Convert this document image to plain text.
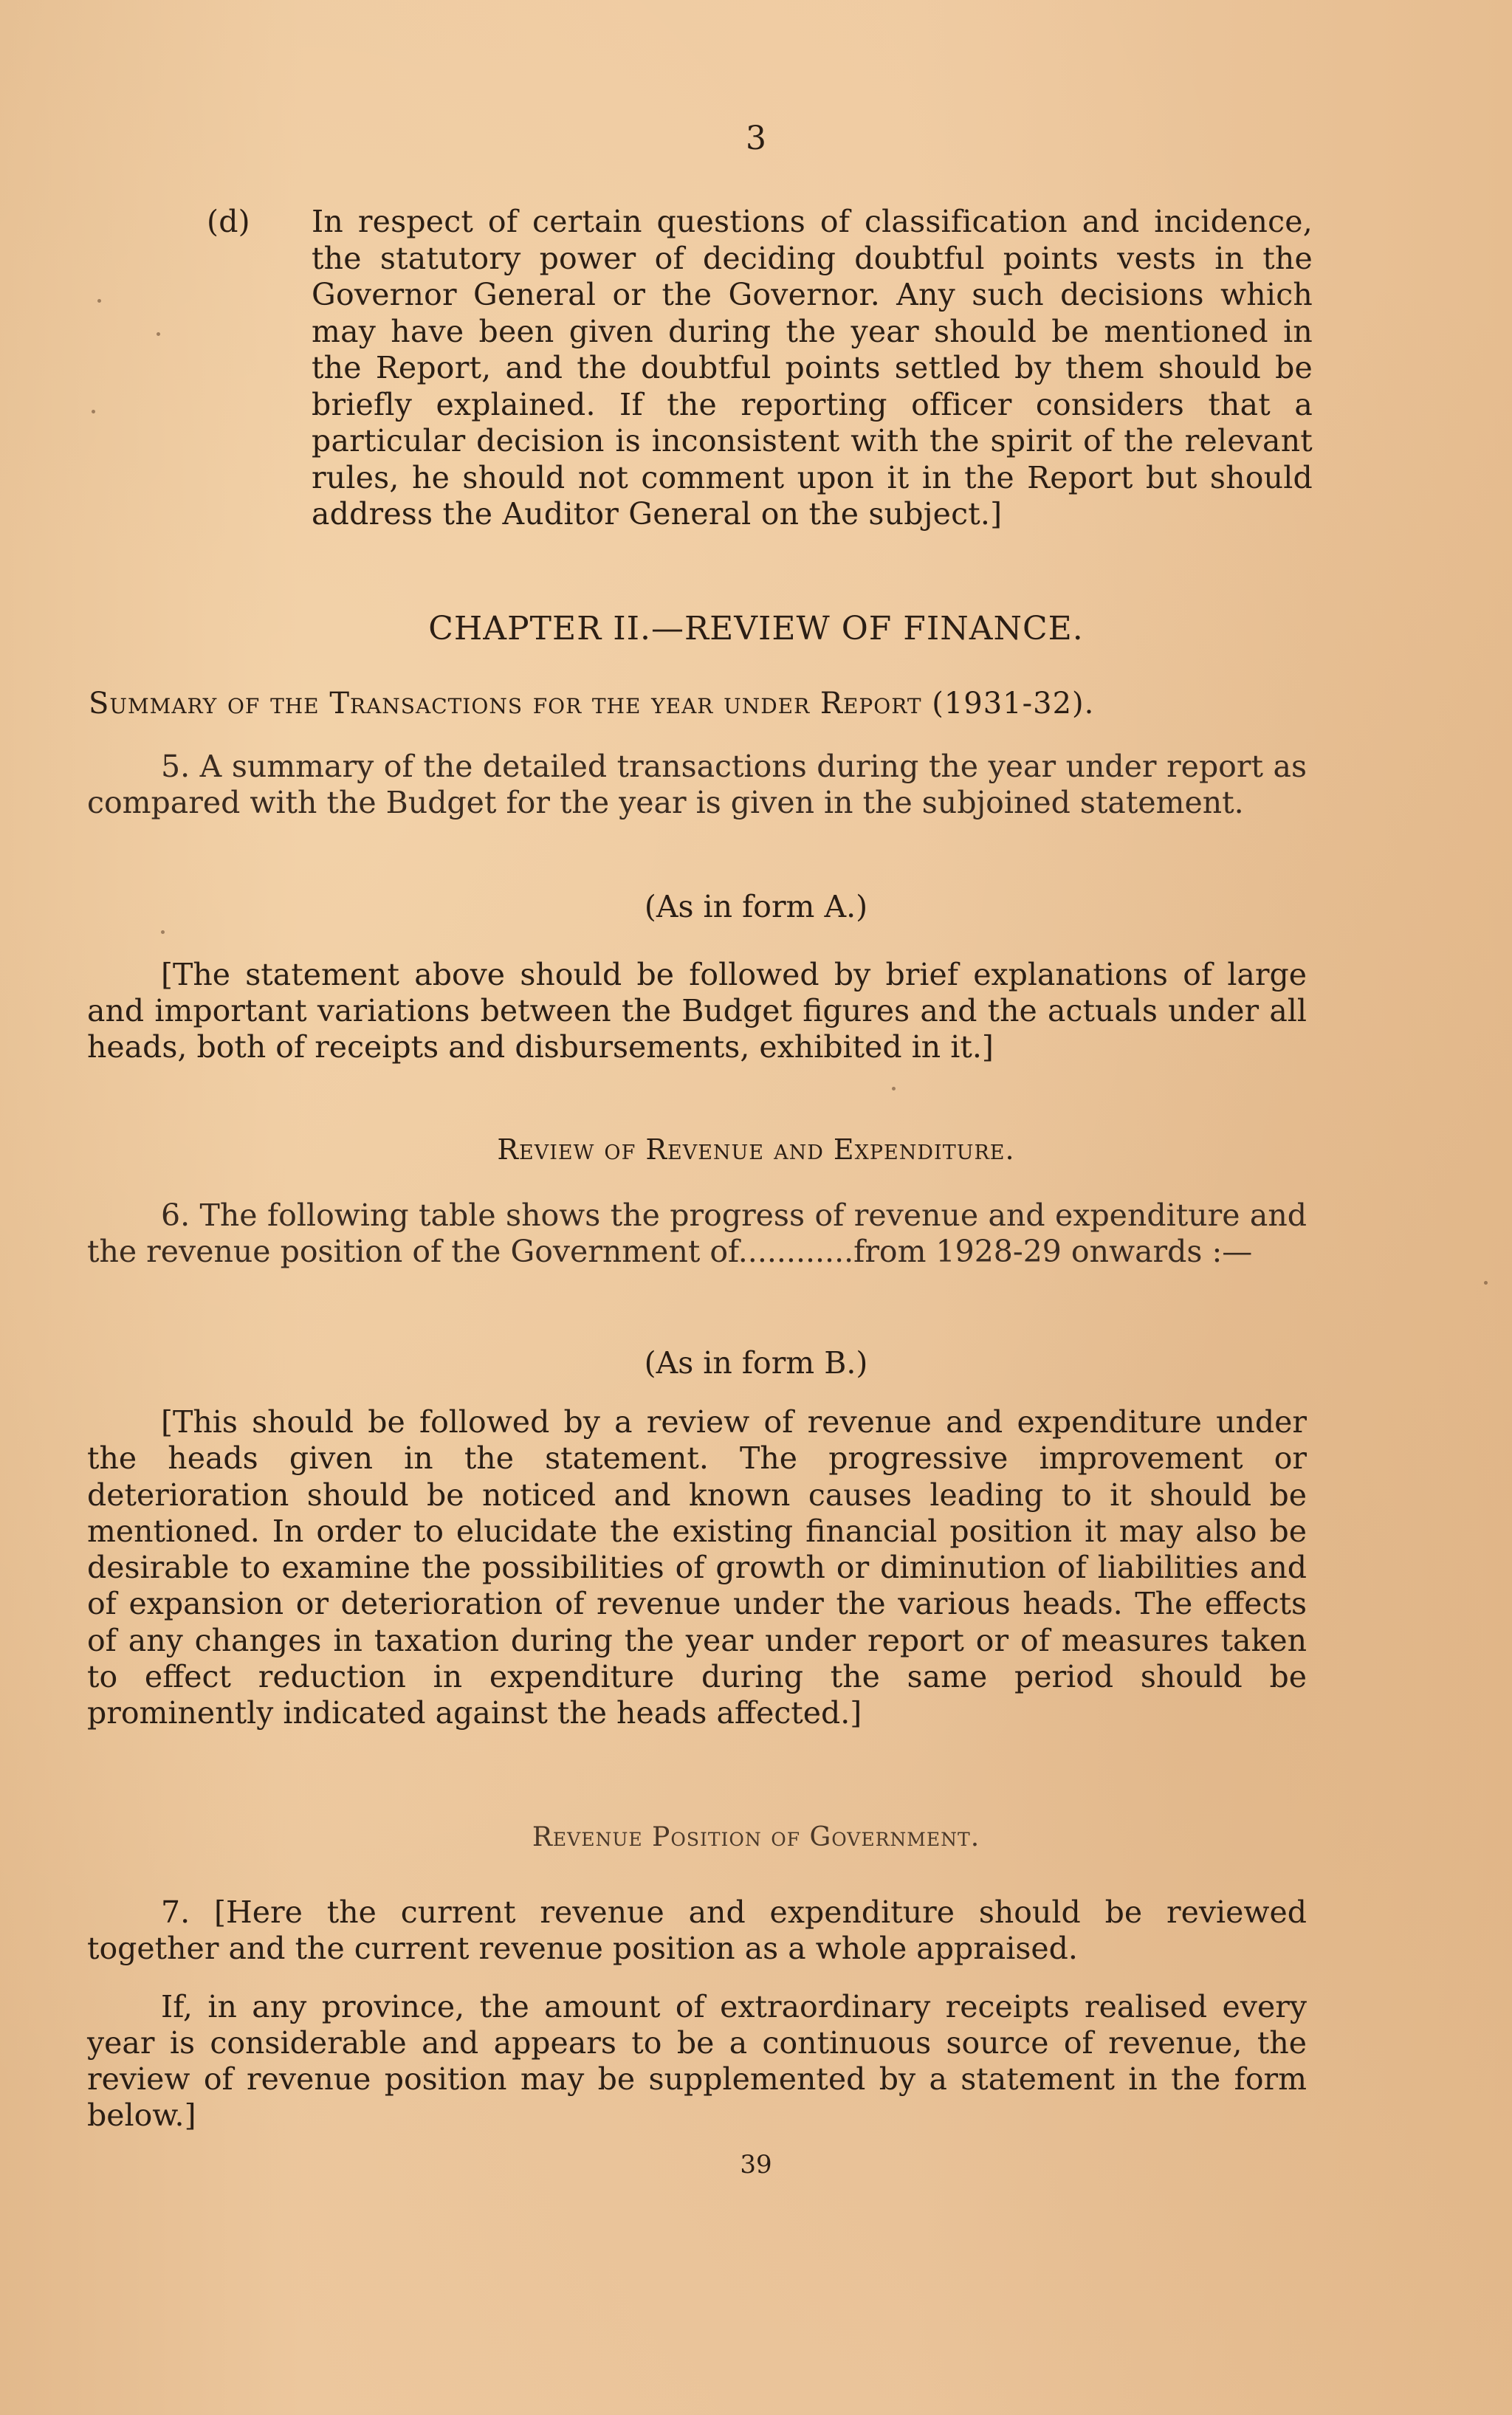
3
(d)	In respect of certain questions of classification and incidence, the statutory power of deciding doubtful points vests in the Governor General or the Governor. Any such decisions which may have been given during the year should be mentioned in the Report, and the doubtful points settled by them should be briefly explained. If the reporting officer considers that a particular decision is inconsistent with the spirit of the relevant rules, he should not comment upon it in the Report but should address the Auditor General on the subject.]
CHAPTER II.—REVIEW OF FINANCE.
Summary of the Transactions for the year under Report (1931-32).
5. A summary of the detailed transactions during the year under report as compared with the Budget for the year is given in the subjoined statement.
(As in form A.)
[The statement above should be followed by brief explanations of large and important variations between the Budget figures and the actuals under all heads, both of receipts and disbursements, exhibited in it.]
Review of Revenue and Expenditure.
6. The following table shows the progress of revenue and expenditure and the revenue position of the Government of............from 1928-29 onwards :—
(As in form B.)
[This should be followed by a review of revenue and expenditure under the heads given in the statement. The progressive improvement or deterioration should be noticed and known causes leading to it should be mentioned. In order to elucidate the existing financial position it may also be desirable to examine the possibilities of growth or diminution of liabilities and of expansion or deterioration of revenue under the various heads. The effects of any changes in taxation during the year under report or of measures taken to effect reduction in expenditure during the same period should be prominently indicated against the heads affected.]
Revenue Position of Government.
7. [Here the current revenue and expenditure should be reviewed together and the current revenue position as a whole appraised.
If, in any province, the amount of extraordinary receipts realised every year is considerable and appears to be a continuous source of revenue, the review of revenue position may be supplemented by a statement in the form below.]
39
